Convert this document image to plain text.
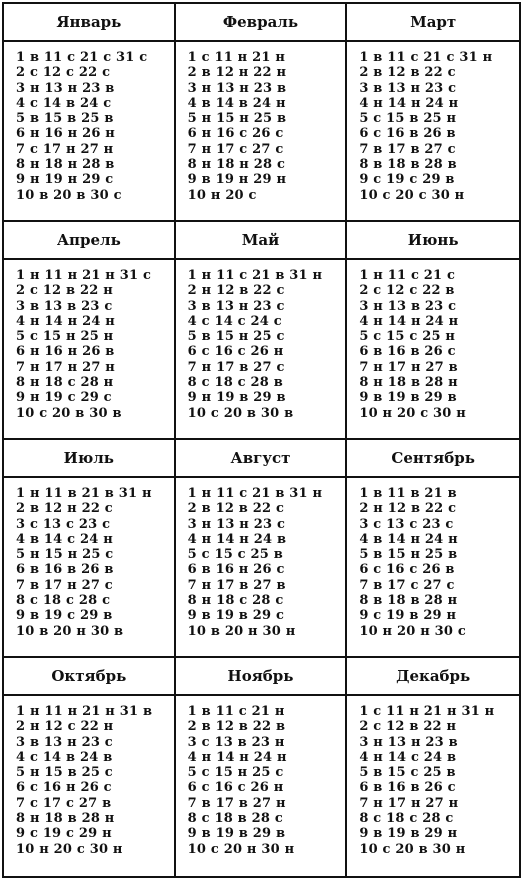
Январь
1 в 11 с 21 с 31 с
2 с 12 с 22 с
3 н 13 н 23 в
4 с 14 в 24 с
5 в 15 в 25 в
6 н 16 н 26 н
7 с 17 н 27 н
8 н 18 н 28 в
9 н 19 н 29 с
10 в 20 в 30 с
Февраль
1 с 11 н 21 н
2 в 12 н 22 н
3 н 13 н 23 в
4 в 14 в 24 н
5 н 15 н 25 в
6 н 16 с 26 с
7 н 17 с 27 с
8 н 18 н 28 с
9 в 19 н 29 н
10 н 20 с
Март
1 в 11 с 21 с 31 н
2 в 12 в 22 с
3 в 13 н 23 с
4 н 14 н 24 н
5 с 15 в 25 н
6 с 16 в 26 в
7 в 17 в 27 с
8 в 18 в 28 в
9 с 19 с 29 в
10 с 20 с 30 н
Апрель
1 н 11 н 21 н 31 с
2 с 12 в 22 н
3 в 13 в 23 с
4 н 14 н 24 н
5 с 15 н 25 н
6 н 16 н 26 в
7 н 17 н 27 н
8 н 18 с 28 н
9 н 19 с 29 с
10 с 20 в 30 в
Май
1 н 11 с 21 в 31 н
2 н 12 в 22 с
3 в 13 н 23 с
4 с 14 с 24 с
5 в 15 н 25 с
6 с 16 с 26 н
7 н 17 в 27 с
8 с 18 с 28 в
9 н 19 в 29 в
10 с 20 в 30 в
Июнь
1 н 11 с 21 с
2 с 12 с 22 в
3 н 13 в 23 с
4 н 14 н 24 н
5 с 15 с 25 н
6 в 16 в 26 с
7 н 17 н 27 в
8 н 18 в 28 н
9 в 19 в 29 в
10 н 20 с 30 н
Июль
1 н 11 в 21 в 31 н
2 в 12 н 22 с
3 с 13 с 23 с
4 в 14 с 24 н
5 н 15 н 25 с
6 в 16 в 26 в
7 в 17 н 27 с
8 с 18 с 28 с
9 в 19 с 29 в
10 в 20 н 30 в
Август
1 н 11 с 21 в 31 н
2 в 12 в 22 с
3 н 13 н 23 с
4 н 14 н 24 в
5 с 15 с 25 в
6 в 16 н 26 с
7 н 17 в 27 в
8 н 18 с 28 с
9 в 19 в 29 с
10 в 20 н 30 н
Сентябрь
1 в 11 в 21 в
2 н 12 в 22 с
3 с 13 с 23 с
4 в 14 н 24 н
5 в 15 н 25 в
6 с 16 с 26 в
7 в 17 с 27 с
8 в 18 в 28 н
9 с 19 в 29 н
10 н 20 н 30 с
Октябрь
1 н 11 н 21 н 31 в
2 н 12 с 22 н
3 в 13 н 23 с
4 с 14 в 24 в
5 н 15 в 25 с
6 с 16 н 26 с
7 с 17 с 27 в
8 н 18 в 28 н
9 с 19 с 29 н
10 н 20 с 30 н
Ноябрь
1 в 11 с 21 н
2 в 12 в 22 в
3 с 13 в 23 н
4 н 14 н 24 н
5 с 15 н 25 с
6 с 16 с 26 н
7 в 17 в 27 н
8 с 18 в 28 с
9 в 19 в 29 в
10 с 20 н 30 н
Декабрь
1 с 11 н 21 н 31 н
2 с 12 в 22 н
3 н 13 н 23 в
4 н 14 с 24 в
5 в 15 с 25 в
6 в 16 в 26 с
7 н 17 н 27 н
8 с 18 с 28 с
9 в 19 в 29 н
10 с 20 в 30 н
